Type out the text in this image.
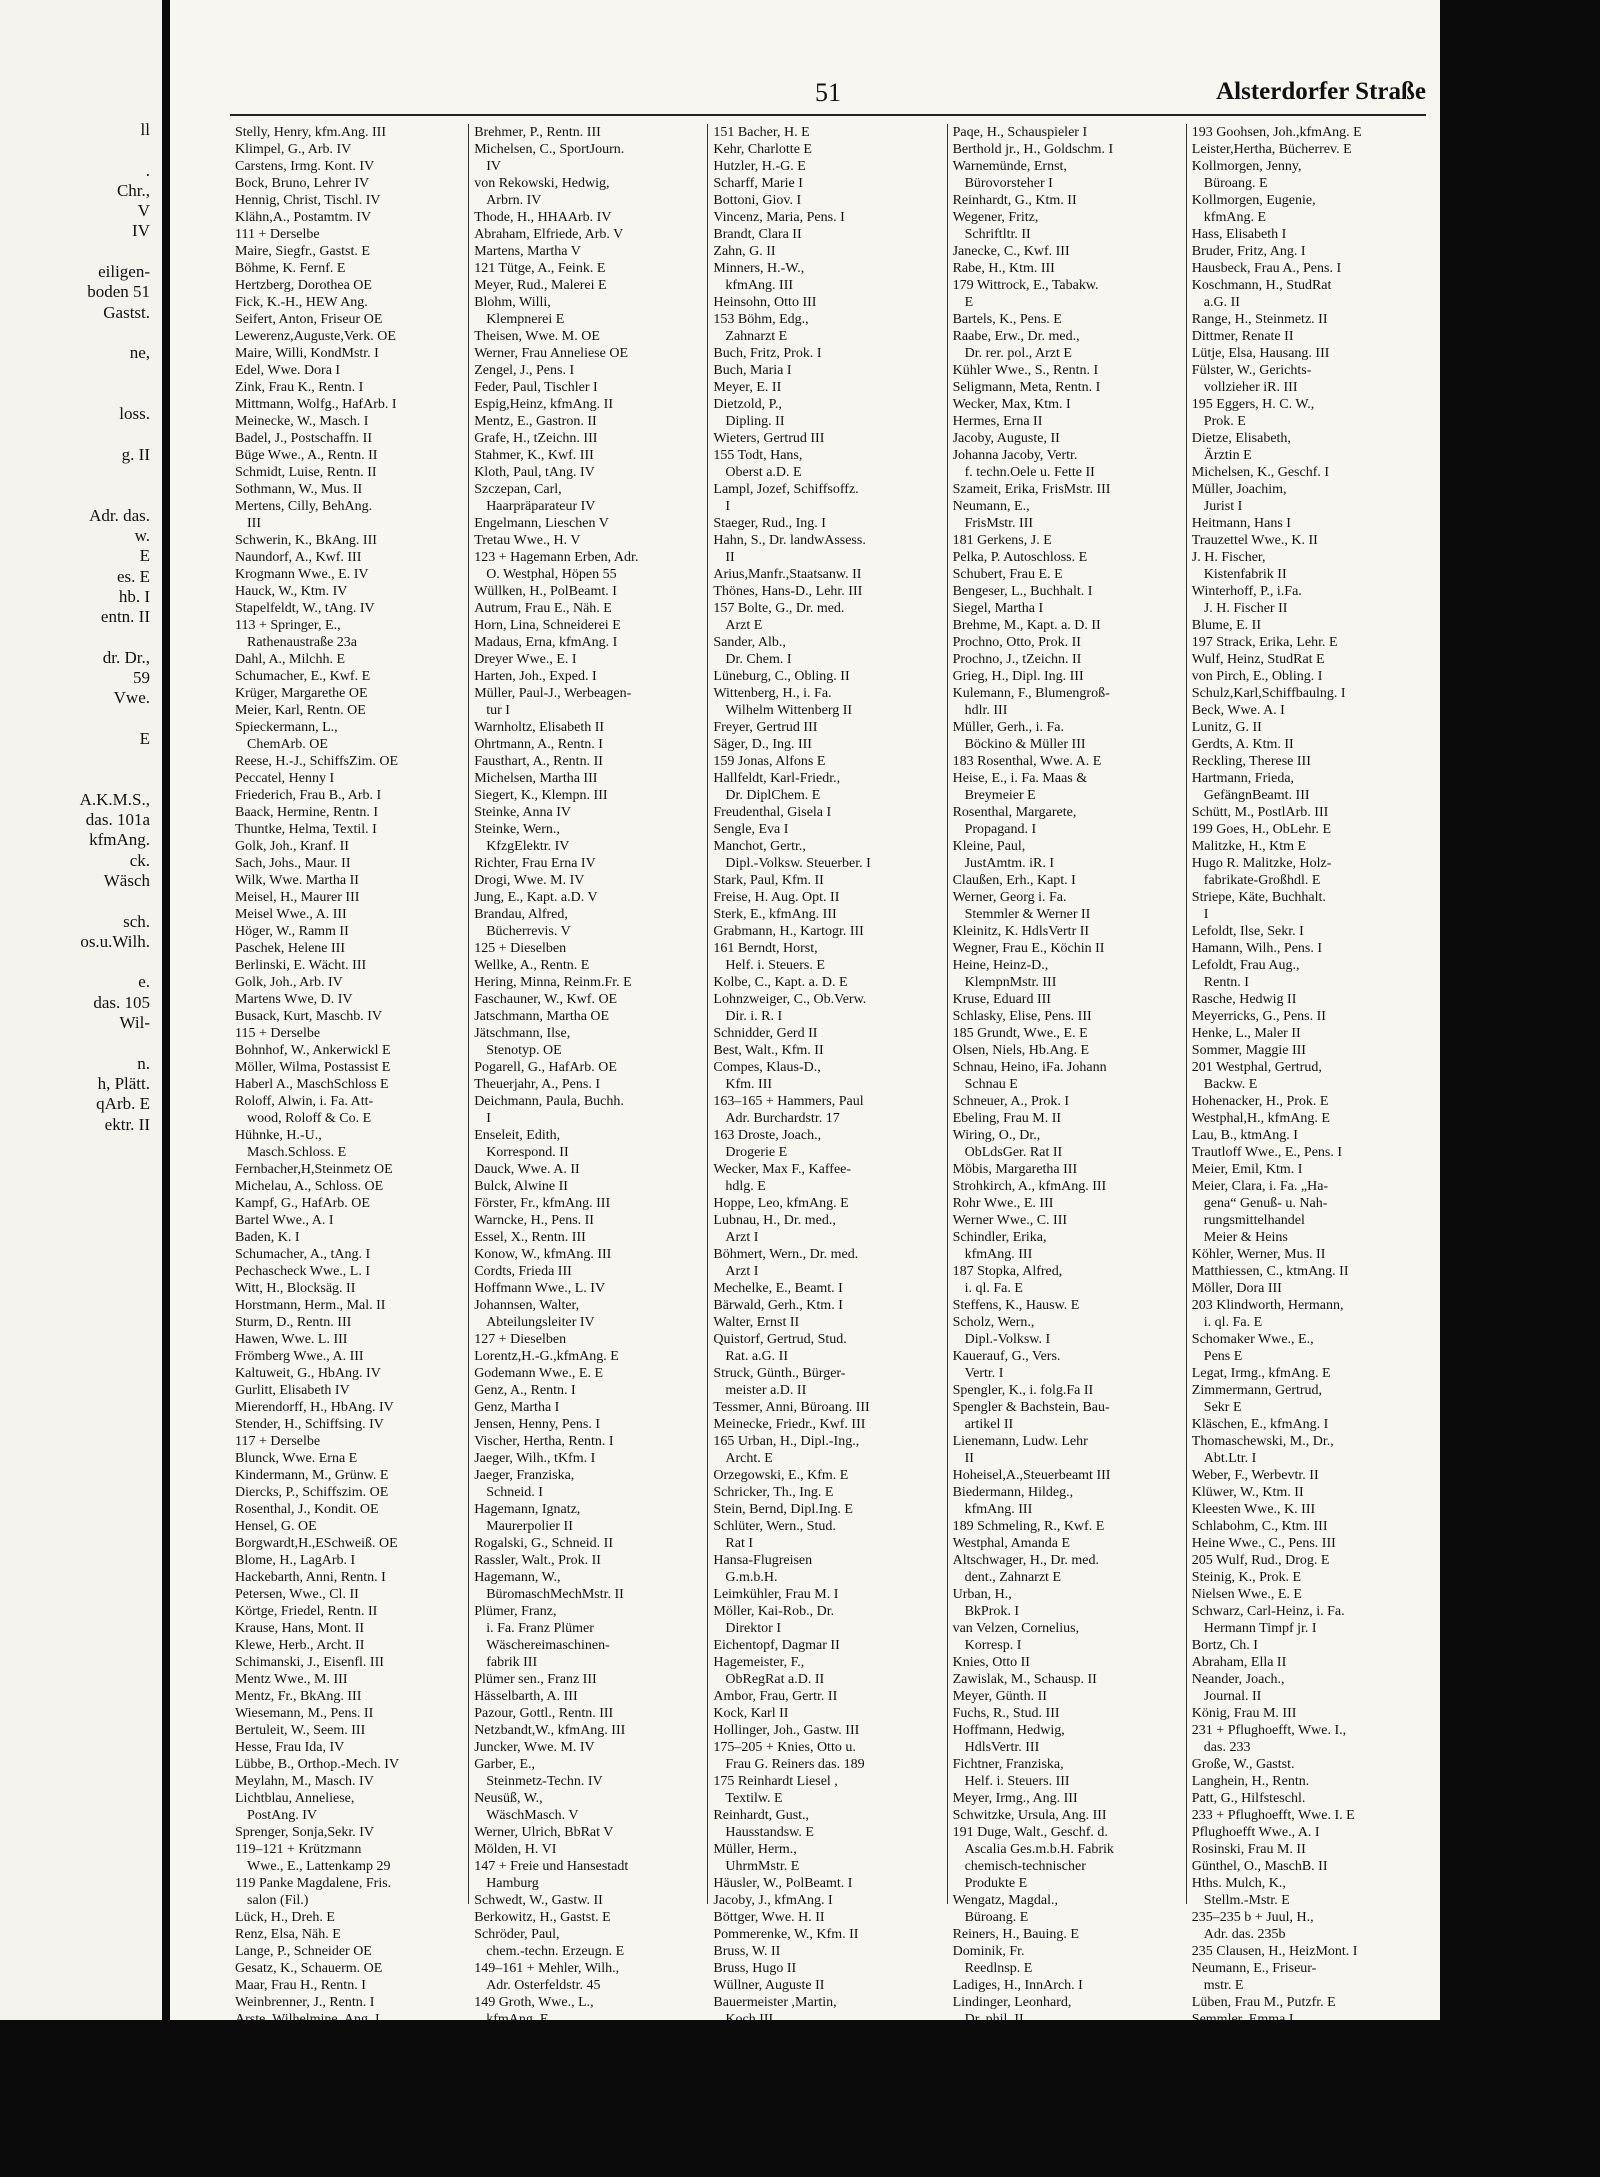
ll

.
Chr.,
V
IV

eiligen-
boden 51
Gastst.

ne,

loss.

g. II

Adr. das.
w.
E
es. E
hb. I
entn. II

dr. Dr.,
59
Vwe.

E

A.K.M.S.,
das. 101a
kfmAng.
ck.
Wäsch

sch.
os.u.Wilh.

e.
das. 105
Wil-

n.
h, Plätt.
qArb. E
ektr. II
51	Alsterdorfer Straße
Stelly, Henry, kfm.Ang. III
Klimpel, G., Arb. IV
Carstens, Irmg. Kont. IV
Bock, Bruno, Lehrer IV
Hennig, Christ, Tischl. IV
Klähn,A., Postamtm. IV
111 + Derselbe
Maire, Siegfr., Gastst. E
Böhme, K. Fernf. E
Hertzberg, Dorothea OE
Fick, K.-H., HEW Ang.
Seifert, Anton, Friseur OE
Lewerenz,Auguste,Verk. OE
Maire, Willi, KondMstr. I
Edel, Wwe. Dora I
Zink, Frau K., Rentn. I
Mittmann, Wolfg., HafArb. I
Meinecke, W., Masch. I
Badel, J., Postschaffn. II
Büge Wwe., A., Rentn. II
Schmidt, Luise, Rentn. II
Sothmann, W., Mus. II
Mertens, Cilly, BehAng.
III
Schwerin, K., BkAng. III
Naundorf, A., Kwf. III
Krogmann Wwe., E. IV
Hauck, W., Ktm. IV
Stapelfeldt, W., tAng. IV
113 + Springer, E.,
Rathenaustraße 23a
Dahl, A., Milchh. E
Schumacher, E., Kwf. E
Krüger, Margarethe OE
Meier, Karl, Rentn. OE
Spieckermann, L.,
ChemArb. OE
Reese, H.-J., SchiffsZim. OE
Peccatel, Henny I
Friederich, Frau B., Arb. I
Baack, Hermine, Rentn. I
Thuntke, Helma, Textil. I
Golk, Joh., Kranf. II
Sach, Johs., Maur. II
Wilk, Wwe. Martha II
Meisel, H., Maurer III
Meisel Wwe., A. III
Höger, W., Ramm II
Paschek, Helene III
Berlinski, E. Wächt. III
Golk, Joh., Arb. IV
Martens Wwe, D. IV
Busack, Kurt, Maschb. IV
115 + Derselbe
Bohnhof, W., Ankerwickl E
Möller, Wilma, Postassist E
Haberl A., MaschSchloss E
Roloff, Alwin, i. Fa. Att-
wood, Roloff & Co. E
Hühnke, H.-U.,
Masch.Schloss. E
Fernbacher,H,Steinmetz OE
Michelau, A., Schloss. OE
Kampf, G., HafArb. OE
Bartel Wwe., A. I
Baden, K. I
Schumacher, A., tAng. I
Pechascheck Wwe., L. I
Witt, H., Blocksäg. II
Horstmann, Herm., Mal. II
Sturm, D., Rentn. III
Hawen, Wwe. L. III
Frömberg Wwe., A. III
Kaltuweit, G., HbAng. IV
Gurlitt, Elisabeth IV
Mierendorff, H., HbAng. IV
Stender, H., Schiffsing. IV
117 + Derselbe
Blunck, Wwe. Erna E
Kindermann, M., Grünw. E
Diercks, P., Schiffszim. OE
Rosenthal, J., Kondit. OE
Hensel, G. OE
Borgwardt,H.,ESchweiß. OE
Blome, H., LagArb. I
Hackebarth, Anni, Rentn. I
Petersen, Wwe., Cl. II
Körtge, Friedel, Rentn. II
Krause, Hans, Mont. II
Klewe, Herb., Archt. II
Schimanski, J., Eisenfl. III
Mentz Wwe., M. III
Mentz, Fr., BkAng. III
Wiesemann, M., Pens. II
Bertuleit, W., Seem. III
Hesse, Frau Ida, IV
Lübbe, B., Orthop.-Mech. IV
Meylahn, M., Masch. IV
Lichtblau, Anneliese,
PostAng. IV
Sprenger, Sonja,Sekr. IV
119–121 + Krützmann
Wwe., E., Lattenkamp 29
119 Panke Magdalene, Fris.
salon (Fil.)
Lück, H., Dreh. E
Renz, Elsa, Näh. E
Lange, P., Schneider OE
Gesatz, K., Schauerm. OE
Maar, Frau H., Rentn. I
Weinbrenner, J., Rentn. I
Brehmer, P., Rentn. III
Michelsen, C., SportJourn.
IV
von Rekowski, Hedwig,
Arbrn. IV
Thode, H., HHAArb. IV
Abraham, Elfriede, Arb. V
Martens, Martha V
121 Tütge, A., Feink. E
Meyer, Rud., Malerei E
Blohm, Willi,
Klempnerei E
Theisen, Wwe. M. OE
Werner, Frau Anneliese OE
Zengel, J., Pens. I
Feder, Paul, Tischler I
Espig,Heinz, kfmAng. II
Mentz, E., Gastron. II
Grafe, H., tZeichn. III
Stahmer, K., Kwf. III
Kloth, Paul, tAng. IV
Szczepan, Carl,
Haarpräparateur IV
Engelmann, Lieschen V
Tretau Wwe., H. V
123 + Hagemann Erben, Adr.
O. Westphal, Höpen 55
Wüllken, H., PolBeamt. I
Autrum, Frau E., Näh. E
Horn, Lina, Schneiderei E
Madaus, Erna, kfmAng. I
Dreyer Wwe., E. I
Harten, Joh., Exped. I
Müller, Paul-J., Werbeagen-
tur I
Warnholtz, Elisabeth II
Ohrtmann, A., Rentn. I
Fausthart, A., Rentn. II
Michelsen, Martha III
Siegert, K., Klempn. III
Steinke, Anna IV
Steinke, Wern.,
KfzgElektr. IV
Richter, Frau Erna IV
Drogi, Wwe. M. IV
Jung, E., Kapt. a.D. V
Brandau, Alfred,
Bücherrevis. V
125 + Dieselben
Wellke, A., Rentn. E
Hering, Minna, Reinm.Fr. E
Faschauner, W., Kwf. OE
Jatschmann, Martha OE
Jätschmann, Ilse,
Stenotyp. OE
Pogarell, G., HafArb. OE
Theuerjahr, A., Pens. I
Deichmann, Paula, Buchh.
I
Enseleit, Edith,
Korrespond. II
Dauck, Wwe. A. II
Bulck, Alwine II
Förster, Fr., kfmAng. III
Warncke, H., Pens. II
Essel, X., Rentn. III
Konow, W., kfmAng. III
Cordts, Frieda III
Hoffmann Wwe., L. IV
Johannsen, Walter,
Abteilungsleiter IV
127 + Dieselben
Lorentz,H.-G.,kfmAng. E
Godemann Wwe., E. E
Genz, A., Rentn. I
Genz, Martha I
Jensen, Henny, Pens. I
Vischer, Hertha, Rentn. I
Jaeger, Wilh., tKfm. I
Jaeger, Franziska,
Schneid. I
Hagemann, Ignatz,
Maurerpolier II
Rogalski, G., Schneid. II
Rassler, Walt., Prok. II
Hagemann, W.,
BüromaschMechMstr. II
Plümer, Franz,
i. Fa. Franz Plümer
Wäschereimaschinen-
fabrik III
Plümer sen., Franz III
Hässelbarth, A. III
Pazour, Gottl., Rentn. III
Netzbandt,W., kfmAng. III
Juncker, Wwe. M. IV
Garber, E.,
Steinmetz-Techn. IV
Neusüß, W.,
WäschMasch. V
Werner, Ulrich, BbRat V
Mölden, H. VI
147 + Freie und Hansestadt
Hamburg
Schwedt, W., Gastw. II
Berkowitz, H., Gastst. E
Schröder, Paul,
chem.-techn. Erzeugn. E
149–161 + Mehler, Wilh.,
Adr. Osterfeldstr. 45
149 Groth, Wwe., L.,
151 Bacher, H. E
Kehr, Charlotte E
Hutzler, H.-G. E
Scharff, Marie I
Bottoni, Giov. I
Vincenz, Maria, Pens. I
Brandt, Clara II
Zahn, G. II
Minners, H.-W.,
kfmAng. III
Heinsohn, Otto III
153 Böhm, Edg.,
Zahnarzt E
Buch, Fritz, Prok. I
Buch, Maria I
Meyer, E. II
Dietzold, P.,
Dipling. II
Wieters, Gertrud III
155 Todt, Hans,
Oberst a.D. E
Lampl, Jozef, Schiffsoffz.
I
Staeger, Rud., Ing. I
Hahn, S., Dr. landwAssess.
II
Arius,Manfr.,Staatsanw. II
Thönes, Hans-D., Lehr. III
157 Bolte, G., Dr. med.
Arzt E
Sander, Alb.,
Dr. Chem. I
Lüneburg, C., Obling. II
Wittenberg, H., i. Fa.
Wilhelm Wittenberg II
Freyer, Gertrud III
Säger, D., Ing. III
159 Jonas, Alfons E
Hallfeldt, Karl-Friedr.,
Dr. DiplChem. E
Freudenthal, Gisela I
Sengle, Eva I
Manchot, Gertr.,
Dipl.-Volksw. Steuerber. I
Stark, Paul, Kfm. II
Freise, H. Aug. Opt. II
Sterk, E., kfmAng. III
Grabmann, H., Kartogr. III
161 Berndt, Horst,
Helf. i. Steuers. E
Kolbe, C., Kapt. a. D. E
Lohnzweiger, C., Ob.Verw.
Dir. i. R. I
Schnidder, Gerd II
Best, Walt., Kfm. II
Compes, Klaus-D.,
Kfm. III
163–165 + Hammers, Paul
Adr. Burchardstr. 17
163 Droste, Joach.,
Drogerie E
Wecker, Max F., Kaffee-
hdlg. E
Hoppe, Leo, kfmAng. E
Lubnau, H., Dr. med.,
Arzt I
Böhmert, Wern., Dr. med.
Arzt I
Mechelke, E., Beamt. I
Bärwald, Gerh., Ktm. I
Walter, Ernst II
Quistorf, Gertrud, Stud.
Rat. a.G. II
Struck, Günth., Bürger-
meister a.D. II
Tessmer, Anni, Büroang. III
Meinecke, Friedr., Kwf. III
165 Urban, H., Dipl.-Ing.,
Archt. E
Orzegowski, E., Kfm. E
Schricker, Th., Ing. E
Stein, Bernd, Dipl.Ing. E
Schlüter, Wern., Stud.
Rat I
Hansa-Flugreisen
G.m.b.H.
Leimkühler, Frau M. I
Möller, Kai-Rob., Dr.
Direktor I
Eichentopf, Dagmar II
Hagemeister, F.,
ObRegRat a.D. II
Ambor, Frau, Gertr. II
Kock, Karl II
Hollinger, Joh., Gastw. III
175–205 + Knies, Otto u.
Frau G. Reiners das. 189
175 Reinhardt Liesel ,
Textilw. E
Reinhardt, Gust.,
Hausstandsw. E
Müller, Herm.,
UhrmMstr. E
Häusler, W., PolBeamt. I
Jacoby, J., kfmAng. I
Böttger, Wwe. H. II
Pommerenke, W., Kfm. II
Bruss, W. II
Bruss, Hugo II
Wüllner, Auguste II
Bauermeister ,Martin,
Paqe, H., Schauspieler I
Berthold jr., H., Goldschm. I
Warnemünde, Ernst,
Bürovorsteher I
Reinhardt, G., Ktm. II
Wegener, Fritz,
Schriftltr. II
Janecke, C., Kwf. III
Rabe, H., Ktm. III
179 Wittrock, E., Tabakw.
E
Bartels, K., Pens. E
Raabe, Erw., Dr. med.,
Dr. rer. pol., Arzt E
Kühler Wwe., S., Rentn. I
Seligmann, Meta, Rentn. I
Wecker, Max, Ktm. I
Hermes, Erna II
Jacoby, Auguste, II
Johanna Jacoby, Vertr.
f. techn.Oele u. Fette II
Szameit, Erika, FrisMstr. III
Neumann, E.,
FrisMstr. III
181 Gerkens, J. E
Pelka, P. Autoschloss. E
Schubert, Frau E. E
Bengeser, L., Buchhalt. I
Siegel, Martha I
Brehme, M., Kapt. a. D. II
Prochno, Otto, Prok. II
Prochno, J., tZeichn. II
Grieg, H., Dipl. Ing. III
Kulemann, F., Blumengroß-
hdlr. III
Müller, Gerh., i. Fa.
Böckino & Müller III
183 Rosenthal, Wwe. A. E
Heise, E., i. Fa. Maas &
Breymeier E
Rosenthal, Margarete,
Propagand. I
Kleine, Paul,
JustAmtm. iR. I
Claußen, Erh., Kapt. I
Werner, Georg i. Fa.
Stemmler & Werner II
Kleinitz, K. HdlsVertr II
Wegner, Frau E., Köchin II
Heine, Heinz-D.,
KlempnMstr. III
Kruse, Eduard III
Schlasky, Elise, Pens. III
185 Grundt, Wwe., E. E
Olsen, Niels, Hb.Ang. E
Schnau, Heino, iFa. Johann
Schnau E
Schneuer, A., Prok. I
Ebeling, Frau M. II
Wiring, O., Dr.,
ObLdsGer. Rat II
Möbis, Margaretha III
Strohkirch, A., kfmAng. III
Rohr Wwe., E. III
Werner Wwe., C. III
Schindler, Erika,
kfmAng. III
187 Stopka, Alfred,
i. ql. Fa. E
Steffens, K., Hausw. E
Scholz, Wern.,
Dipl.-Volksw. I
Kauerauf, G., Vers.
Vertr. I
Spengler, K., i. folg.Fa II
Spengler & Bachstein, Bau-
artikel II
Lienemann, Ludw. Lehr
II
Hoheisel,A.,Steuerbeamt III
Biedermann, Hildeg.,
kfmAng. III
189 Schmeling, R., Kwf. E
Westphal, Amanda E
Altschwager, H., Dr. med.
dent., Zahnarzt E
Urban, H.,
BkProk. I
van Velzen, Cornelius,
Korresp. I
Knies, Otto II
Zawislak, M., Schausp. II
Meyer, Günth. II
Fuchs, R., Stud. III
Hoffmann, Hedwig,
HdlsVertr. III
Fichtner, Franziska,
Helf. i. Steuers. III
Meyer, Irmg., Ang. III
Schwitzke, Ursula, Ang. III
191 Duge, Walt., Geschf. d.
Ascalia Ges.m.b.H. Fabrik
chemisch-technischer
Produkte E
Wengatz, Magdal.,
Büroang. E
Reiners, H., Bauing. E
Dominik, Fr.
Reedlnsp. E
Ladiges, H., InnArch. I
Lindinger, Leonhard,
193 Goohsen, Joh.,kfmAng. E
Leister,Hertha, Bücherrev. E
Kollmorgen, Jenny,
Büroang. E
Kollmorgen, Eugenie,
kfmAng. E
Hass, Elisabeth I
Bruder, Fritz, Ang. I
Hausbeck, Frau A., Pens. I
Koschmann, H., StudRat
a.G. II
Range, H., Steinmetz. II
Dittmer, Renate II
Lütje, Elsa, Hausang. III
Fülster, W., Gerichts-
vollzieher iR. III
195 Eggers, H. C. W.,
Prok. E
Dietze, Elisabeth,
Ärztin E
Michelsen, K., Geschf. I
Müller, Joachim,
Jurist I
Heitmann, Hans I
Trauzettel Wwe., K. II
J. H. Fischer,
Kistenfabrik II
Winterhoff, P., i.Fa.
J. H. Fischer II
Blume, E. II
197 Strack, Erika, Lehr. E
Wulf, Heinz, StudRat E
von Pirch, E., Obling. I
Schulz,Karl,Schiffbaulng. I
Beck, Wwe. A. I
Lunitz, G. II
Gerdts, A. Ktm. II
Reckling, Therese III
Hartmann, Frieda,
GefängnBeamt. III
Schütt, M., PostlArb. III
199 Goes, H., ObLehr. E
Malitzke, H., Ktm E
Hugo R. Malitzke, Holz-
fabrikate-Großhdl. E
Striepe, Käte, Buchhalt.
I
Lefoldt, Ilse, Sekr. I
Hamann, Wilh., Pens. I
Lefoldt, Frau Aug.,
Rentn. I
Rasche, Hedwig II
Meyerricks, G., Pens. II
Henke, L., Maler II
Sommer, Maggie III
201 Westphal, Gertrud,
Backw. E
Hohenacker, H., Prok. E
Westphal,H., kfmAng. E
Lau, B., ktmAng. I
Trautloff Wwe., E., Pens. I
Meier, Emil, Ktm. I
Meier, Clara, i. Fa. „Ha-
gena“ Genuß- u. Nah-
rungsmittelhandel
Meier & Heins
Köhler, Werner, Mus. II
Matthiessen, C., ktmAng. II
Möller, Dora III
203 Klindworth, Hermann,
i. ql. Fa. E
Schomaker Wwe., E.,
Pens E
Legat, Irmg., kfmAng. E
Zimmermann, Gertrud,
Sekr E
Kläschen, E., kfmAng. I
Thomaschewski, M., Dr.,
Abt.Ltr. I
Weber, F., Werbevtr. II
Klüwer, W., Ktm. II
Kleesten Wwe., K. III
Schlabohm, C., Ktm. III
Heine Wwe., C., Pens. III
205 Wulf, Rud., Drog. E
Steinig, K., Prok. E
Nielsen Wwe., E. E
Schwarz, Carl-Heinz, i. Fa.
Hermann Timpf jr. I
Bortz, Ch. I
Abraham, Ella II
Neander, Joach.,
Journal. II
König, Frau M. III
231 + Pflughoefft, Wwe. I.,
das. 233
Große, W., Gastst.
Langhein, H., Rentn.
Patt, G., Hilfsteschl.
233 + Pflughoefft, Wwe. I. E
Pflughoefft Wwe., A. I
Rosinski, Frau M. II
Günthel, O., MaschB. II
Hths. Mulch, K.,
Stellm.-Mstr. E
235–235 b + Juul, H.,
Adr. das. 235b
235 Clausen, H., HeizMont. I
Neumann, E., Friseur-
mstr. E
Lüben, Frau M., Putzfr. E
